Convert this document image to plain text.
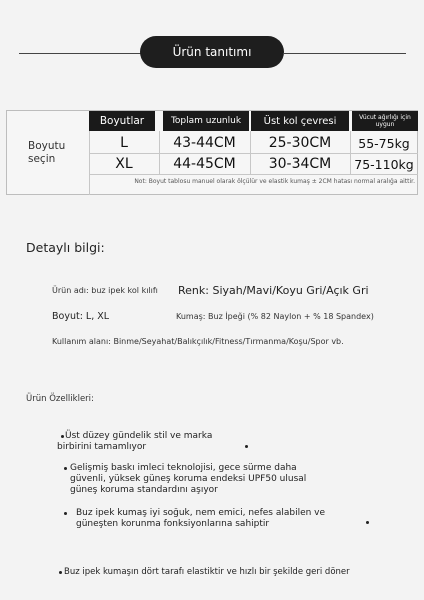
Ürün tanıtımı
Boyutu
seçin
Boyutlar	Toplam uzunluk	Üst kol çevresi	Vücut ağırlığı için uygun
L	43-44CM	25-30CM	55-75kg
XL	44-45CM	30-34CM	75-110kg
Not: Boyut tablosu manuel olarak ölçülür ve elastik kumaş ± 2CM hatası normal aralığa aittir.
Detaylı bilgi:
Ürün adı: buz ipek kol kılıfı Renk: Siyah/Mavi/Koyu Gri/Açık Gri
Boyut: L, XL	Kumaş: Buz İpeği (% 82 Naylon + % 18 Spandex)
Kullanım alanı: Binme/Seyahat/Balıkçılık/Fitness/Tırmanma/Koşu/Spor vb.
Ürün Özellikleri:
Üst düzey gündelik stil ve marka
birbirini tamamlıyor
Gelişmiş baskı imleci teknolojisi, gece sürme daha
güvenli, yüksek güneş koruma endeksi UPF50 ulusal
güneş koruma standardını aşıyor
Buz ipek kumaş iyi soğuk, nem emici, nefes alabilen ve
güneşten korunma fonksiyonlarına sahiptir
Buz ipek kumaşın dört tarafı elastiktir ve hızlı bir şekilde geri döner
